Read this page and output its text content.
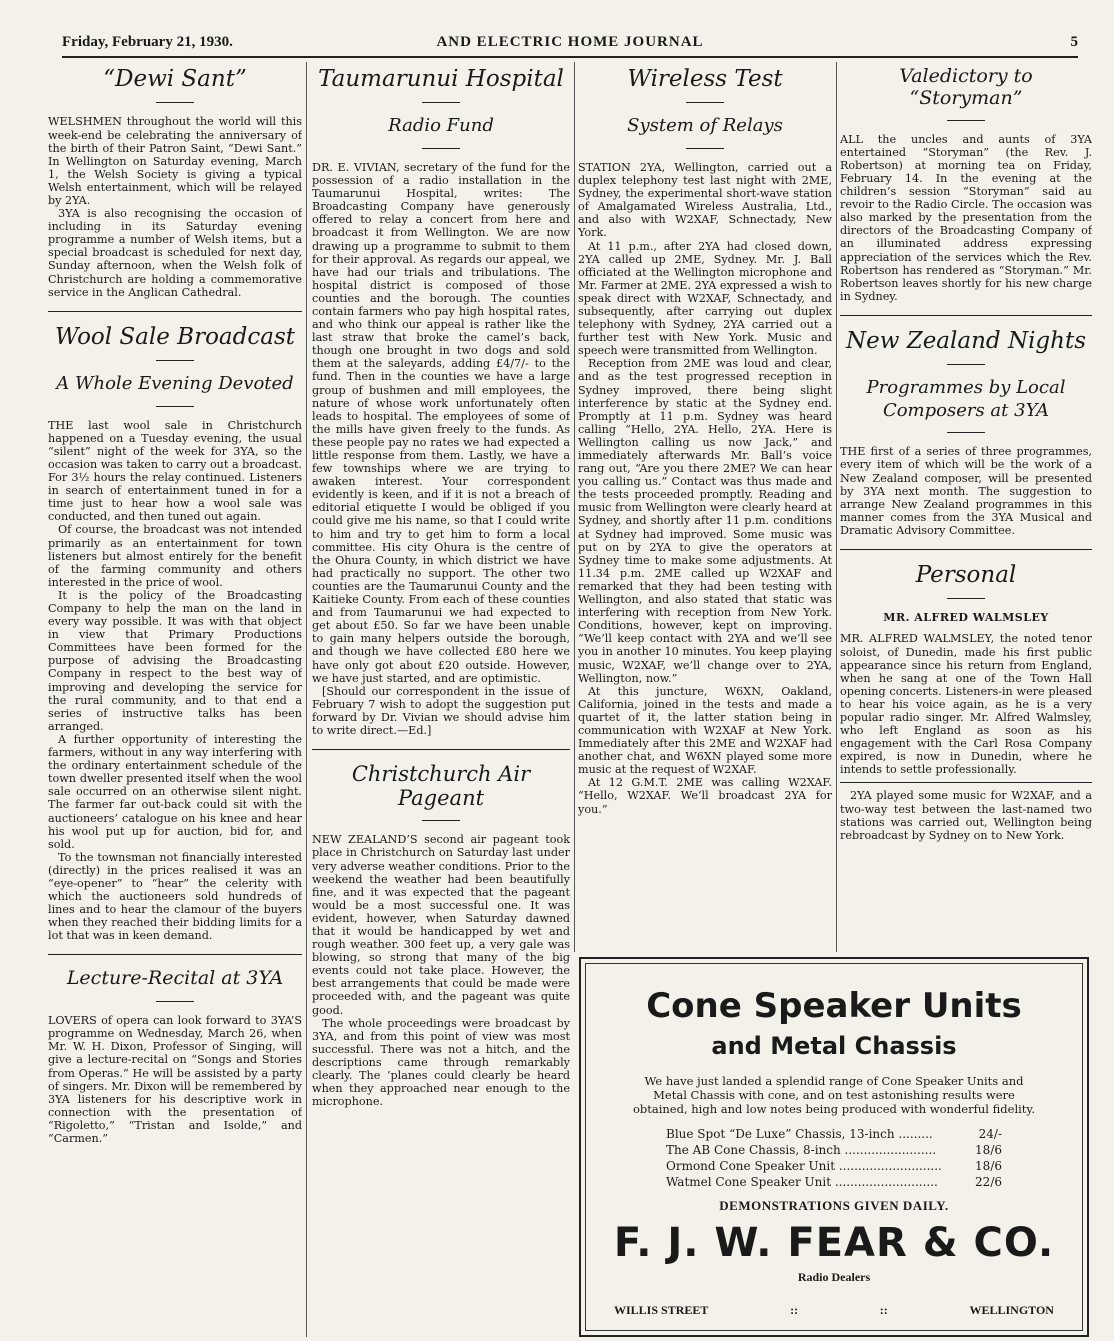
Friday, February 21, 1930.	AND ELECTRIC HOME JOURNAL	5
“Dewi Sant”

WELSHMEN throughout the world will this week-end be celebrating the anniversary of the birth of their Patron Saint, “Dewi Sant.” In Wellington on Saturday evening, March 1, the Welsh Society is giving a typical Welsh entertainment, which will be relayed by 2YA.

3YA is also recognising the occasion of including in its Saturday evening programme a number of Welsh items, but a special broadcast is scheduled for next day, Sunday afternoon, when the Welsh folk of Christchurch are holding a commemorative service in the Anglican Cathedral.

Wool Sale Broadcast
A Whole Evening Devoted

THE last wool sale in Christchurch happened on a Tuesday evening, the usual “silent” night of the week for 3YA, so the occasion was taken to carry out a broadcast. For 3½ hours the relay continued. Listeners in search of entertainment tuned in for a time just to hear how a wool sale was conducted, and then tuned out again.

Of course, the broadcast was not intended primarily as an entertainment for town listeners but almost entirely for the benefit of the farming community and others interested in the price of wool.

It is the policy of the Broadcasting Company to help the man on the land in every way possible. It was with that object in view that Primary Productions Committees have been formed for the purpose of advising the Broadcasting Company in respect to the best way of improving and developing the service for the rural community, and to that end a series of instructive talks has been arranged.

A further opportunity of interesting the farmers, without in any way interfering with the ordinary entertainment schedule of the town dweller presented itself when the wool sale occurred on an otherwise silent night. The farmer far out-back could sit with the auctioneers’ catalogue on his knee and hear his wool put up for auction, bid for, and sold.

To the townsman not financially interested (directly) in the prices realised it was an “eye-opener” to “hear” the celerity with which the auctioneers sold hundreds of lines and to hear the clamour of the buyers when they reached their bidding limits for a lot that was in keen demand.

Lecture-Recital at 3YA

LOVERS of opera can look forward to 3YA’S programme on Wednesday, March 26, when Mr. W. H. Dixon, Professor of Singing, will give a lecture-recital on “Songs and Stories from Operas.” He will be assisted by a party of singers. Mr. Dixon will be remembered by 3YA listeners for his descriptive work in connection with the presentation of “Rigoletto,” “Tristan and Isolde,” and “Carmen.”

Taumarunui Hospital
Radio Fund

DR. E. VIVIAN, secretary of the fund for the possession of a radio installation in the Taumarunui Hospital, writes: The Broadcasting Company have generously offered to relay a concert from here and broadcast it from Wellington. We are now drawing up a programme to submit to them for their approval. As regards our appeal, we have had our trials and tribulations. The hospital district is composed of those counties and the borough. The counties contain farmers who pay high hospital rates, and who think our appeal is rather like the last straw that broke the camel’s back, though one brought in two dogs and sold them at the saleyards, adding £4/7/- to the fund. Then in the counties we have a large group of bushmen and mill employees, the nature of whose work unfortunately often leads to hospital. The employees of some of the mills have given freely to the funds. As these people pay no rates we had expected a little response from them. Lastly, we have a few townships where we are trying to awaken interest. Your correspondent evidently is keen, and if it is not a breach of editorial etiquette I would be obliged if you could give me his name, so that I could write to him and try to get him to form a local committee. His city Ohura is the centre of the Ohura County, in which district we have had practically no support. The other two counties are the Taumarunui County and the Kaitieke County. From each of these counties and from Taumarunui we had expected to get about £50. So far we have been unable to gain many helpers outside the borough, and though we have collected £80 here we have only got about £20 outside. However, we have just started, and are optimistic.

[Should our correspondent in the issue of February 7 wish to adopt the suggestion put forward by Dr. Vivian we should advise him to write direct.—Ed.]

Christchurch Air Pageant

NEW ZEALAND’S second air pageant took place in Christchurch on Saturday last under very adverse weather conditions. Prior to the weekend the weather had been beautifully fine, and it was expected that the pageant would be a most successful one. It was evident, however, when Saturday dawned that it would be handicapped by wet and rough weather. 300 feet up, a very gale was blowing, so strong that many of the big events could not take place. However, the best arrangements that could be made were proceeded with, and the pageant was quite good.

The whole proceedings were broadcast by 3YA, and from this point of view was most successful. There was not a hitch, and the descriptions came through remarkably clearly. The ’planes could clearly be heard when they approached near enough to the microphone.

Wireless Test
System of Relays

STATION 2YA, Wellington, carried out a duplex telephony test last night with 2ME, Sydney, the experimental short-wave station of Amalgamated Wireless Australia, Ltd., and also with W2XAF, Schnectady, New York.

At 11 p.m., after 2YA had closed down, 2YA called up 2ME, Sydney. Mr. J. Ball officiated at the Wellington microphone and Mr. Farmer at 2ME. 2YA expressed a wish to speak direct with W2XAF, Schnectady, and subsequently, after carrying out duplex telephony with Sydney, 2YA carried out a further test with New York. Music and speech were transmitted from Wellington.

Reception from 2ME was loud and clear, and as the test progressed reception in Sydney improved, there being slight interference by static at the Sydney end. Promptly at 11 p.m. Sydney was heard calling “Hello, 2YA. Hello, 2YA. Here is Wellington calling us now Jack,” and immediately afterwards Mr. Ball’s voice rang out, “Are you there 2ME? We can hear you calling us.” Contact was thus made and the tests proceeded promptly. Reading and music from Wellington were clearly heard at Sydney, and shortly after 11 p.m. conditions at Sydney had improved. Some music was put on by 2YA to give the operators at Sydney time to make some adjustments. At 11.34 p.m. 2ME called up W2XAF and remarked that they had been testing with Wellington, and also stated that static was interfering with reception from New York. Conditions, however, kept on improving. “We’ll keep contact with 2YA and we’ll see you in another 10 minutes. You keep playing music, W2XAF, we’ll change over to 2YA, Wellington, now.”

At this juncture, W6XN, Oakland, California, joined in the tests and made a quartet of it, the latter station being in communication with W2XAF at New York. Immediately after this 2ME and W2XAF had another chat, and W6XN played some more music at the request of W2XAF.

At 12 G.M.T. 2ME was calling W2XAF. “Hello, W2XAF. We’ll broadcast 2YA for you.”

Valedictory to “Storyman”

ALL the uncles and aunts of 3YA entertained “Storyman” (the Rev. J. Robertson) at morning tea on Friday, February 14. In the evening at the children’s session “Storyman” said au revoir to the Radio Circle. The occasion was also marked by the presentation from the directors of the Broadcasting Company of an illuminated address expressing appreciation of the services which the Rev. Robertson has rendered as “Storyman.” Mr. Robertson leaves shortly for his new charge in Sydney.

New Zealand Nights
Programmes by Local Composers at 3YA

THE first of a series of three programmes, every item of which will be the work of a New Zealand composer, will be presented by 3YA next month. The suggestion to arrange New Zealand programmes in this manner comes from the 3YA Musical and Dramatic Advisory Committee.

Personal
MR. ALFRED WALMSLEY

MR. ALFRED WALMSLEY, the noted tenor soloist, of Dunedin, made his first public appearance since his return from England, when he sang at one of the Town Hall opening concerts. Listeners-in were pleased to hear his voice again, as he is a very popular radio singer. Mr. Alfred Walmsley, who left England as soon as his engagement with the Carl Rosa Company expired, is now in Dunedin, where he intends to settle professionally.

2YA played some music for W2XAF, and a two-way test between the last-named two stations was carried out, Wellington being rebroadcast by Sydney on to New York.

Cone Speaker Units
and Metal Chassis
We have just landed a splendid range of Cone Speaker Units and Metal Chassis with cone, and on test astonishing results were obtained, high and low notes being produced with wonderful fidelity.
Blue Spot “De Luxe” Chassis, 13-inch .........	24/-
The AB Cone Chassis, 8-inch ........................	18/6
Ormond Cone Speaker Unit ...........................	18/6
Watmel Cone Speaker Unit ...........................	22/6
DEMONSTRATIONS GIVEN DAILY.
F. J. W. FEAR & CO.
Radio Dealers
WILLIS STREET	::	::	WELLINGTON
